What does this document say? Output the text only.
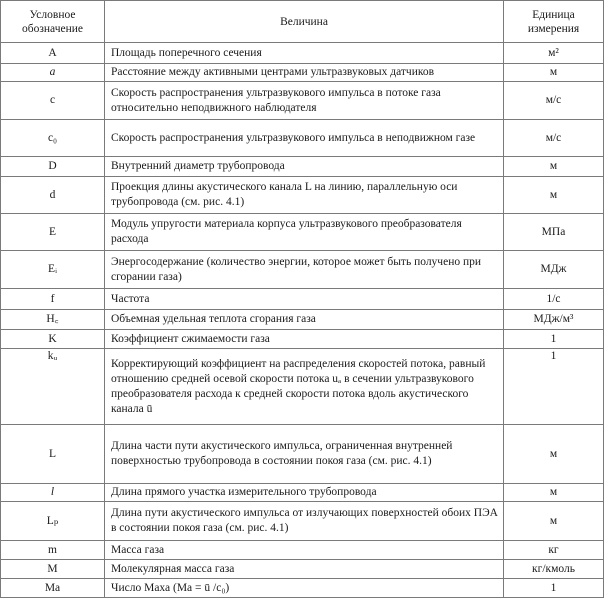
Условное обозначение	Величина	Единица измерения
A	Площадь поперечного сечения	м²
a	Расстояние между активными центрами ультразвуковых датчиков	м
c	Скорость распространения ультразвукового импульса в потоке газа относительно неподвижного наблюдателя	м/с
c₀	Скорость распространения ультразвукового импульса в неподвижном газе	м/с
D	Внутренний диаметр трубопровода	м
d	Проекция длины акустического канала L на линию, параллельную оси трубопровода (см. рис. 4.1)	м
E	Модуль упругости материала корпуса ультразвукового преобразователя расхода	МПа
Eᵢ	Энергосодержание (количество энергии, которое может быть получено при сгорании газа)	МДж
f	Частота	1/с
H꜀	Объемная удельная теплота сгорания газа	МДж/м³
K	Коэффициент сжимаемости газа	1
kᵤ	Корректирующий коэффициент на распределения скоростей потока, равный отношению средней осевой скорости потока uₐ в сечении ультразвукового преобразователя расхода к средней скорости потока вдоль акустического канала ū	1
L	Длина части пути акустического импульса, ограниченная внутренней поверхностью трубопровода в состоянии покоя газа (см. рис. 4.1)	м
l	Длина прямого участка измерительного трубопровода	м
Lₚ	Длина пути акустического импульса от излучающих поверхностей обоих ПЭА в состоянии покоя газа (см. рис. 4.1)	м
m	Масса газа	кг
M	Молекулярная масса газа	кг/кмоль
Ma	Число Маха (Ma = ū /c₀)	1
